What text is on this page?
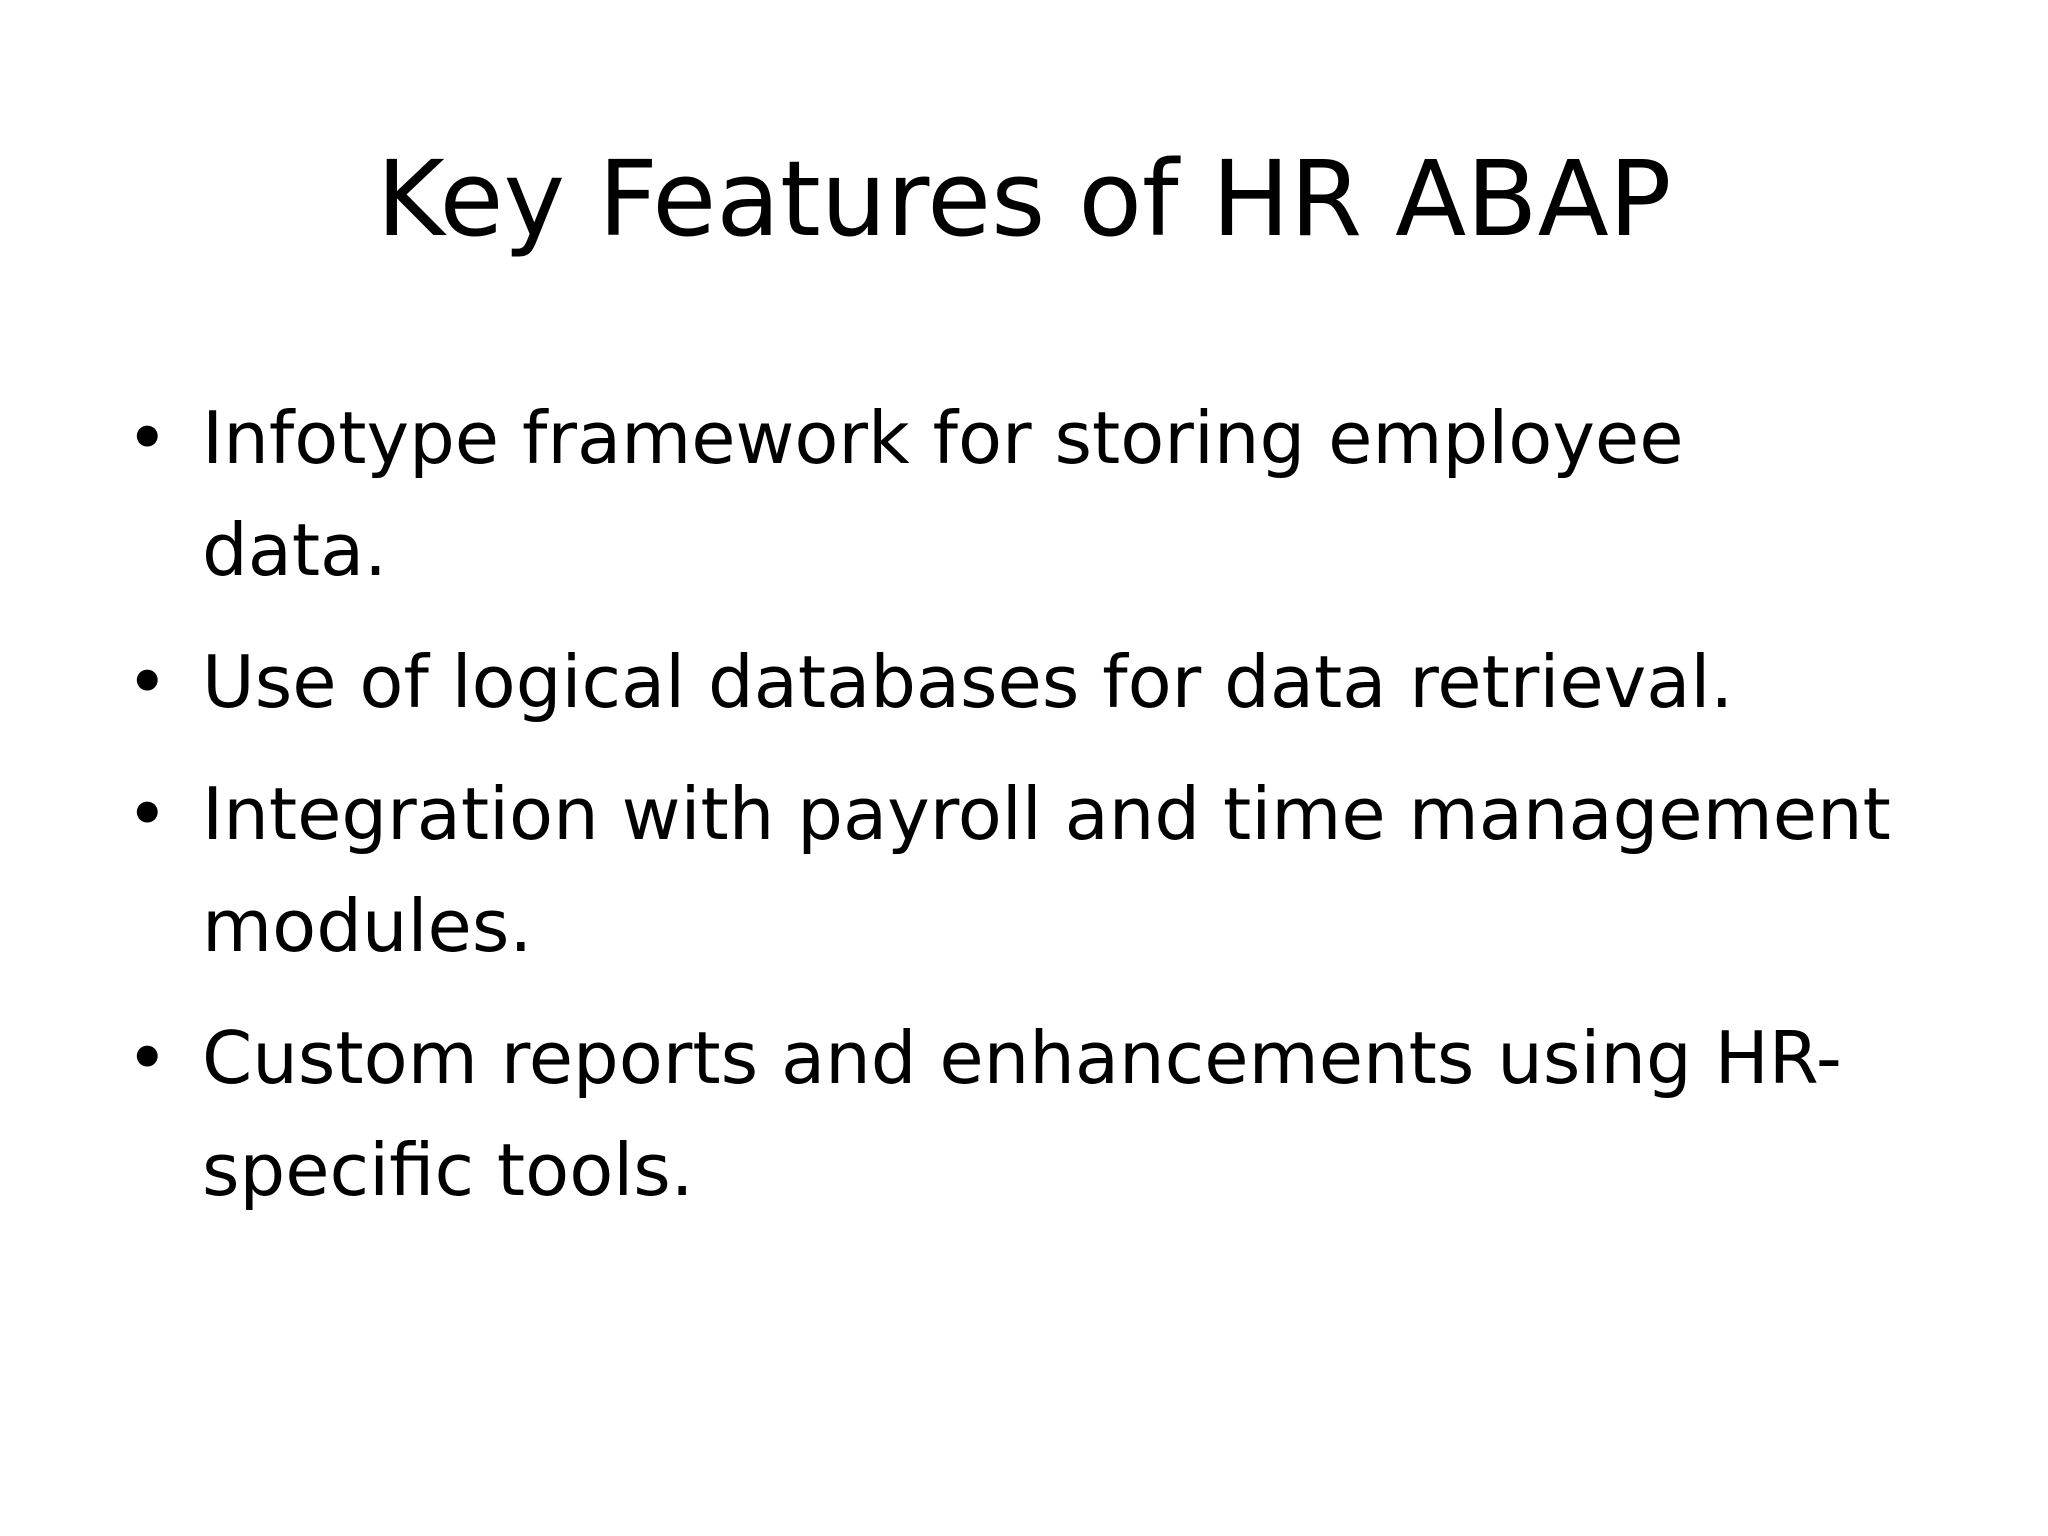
Key Features of HR ABAP
• Infotype framework for storing employee
data.
• Use of logical databases for data retrieval.
• Integration with payroll and time management
modules.
• Custom reports and enhancements using HR-
specific tools.
